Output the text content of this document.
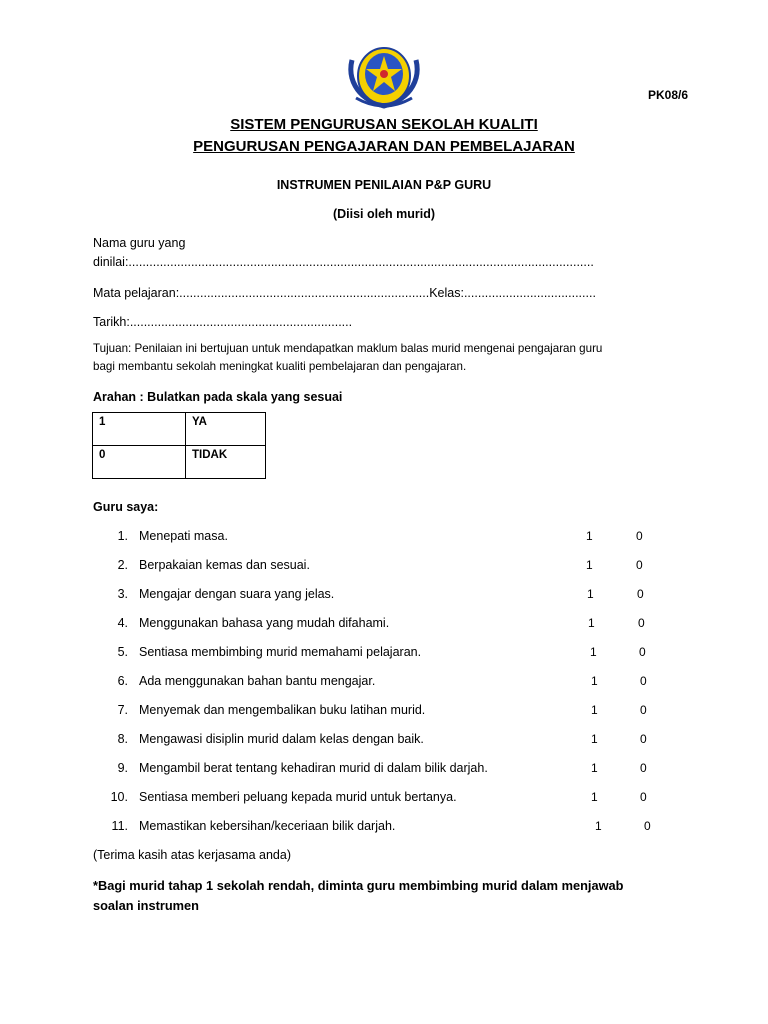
PK08/6
SISTEM PENGURUSAN SEKOLAH KUALITI
PENGURUSAN PENGAJARAN DAN PEMBELAJARAN
INSTRUMEN PENILAIAN P&P GURU
(Diisi oleh murid)
Nama guru yang
dinilai:......................................................................................................................................
Mata pelajaran:........................................................................Kelas:......................................
Tarikh:................................................................
Tujuan: Penilaian ini bertujuan untuk mendapatkan maklum balas murid mengenai pengajaran guru
bagi membantu sekolah meningkat kualiti pembelajaran dan pengajaran.
Arahan : Bulatkan pada skala yang sesuai
1	YA
0	TIDAK
Guru saya:
1. Menepati masa.	1	0
2. Berpakaian kemas dan sesuai.	1	0
3. Mengajar dengan suara yang jelas.	1	0
4. Menggunakan bahasa yang mudah difahami.	1	0
5. Sentiasa membimbing murid memahami pelajaran.	1	0
6. Ada menggunakan bahan bantu mengajar.	1	0
7. Menyemak dan mengembalikan buku latihan murid.	1	0
8. Mengawasi disiplin murid dalam kelas dengan baik.	1	0
9. Mengambil berat tentang kehadiran murid di dalam bilik darjah.	1	0
10. Sentiasa memberi peluang kepada murid untuk bertanya.	1	0
11. Memastikan kebersihan/keceriaan bilik darjah.	1	0
(Terima kasih atas kerjasama anda)
*Bagi murid tahap 1 sekolah rendah, diminta guru membimbing murid dalam menjawab
soalan instrumen
